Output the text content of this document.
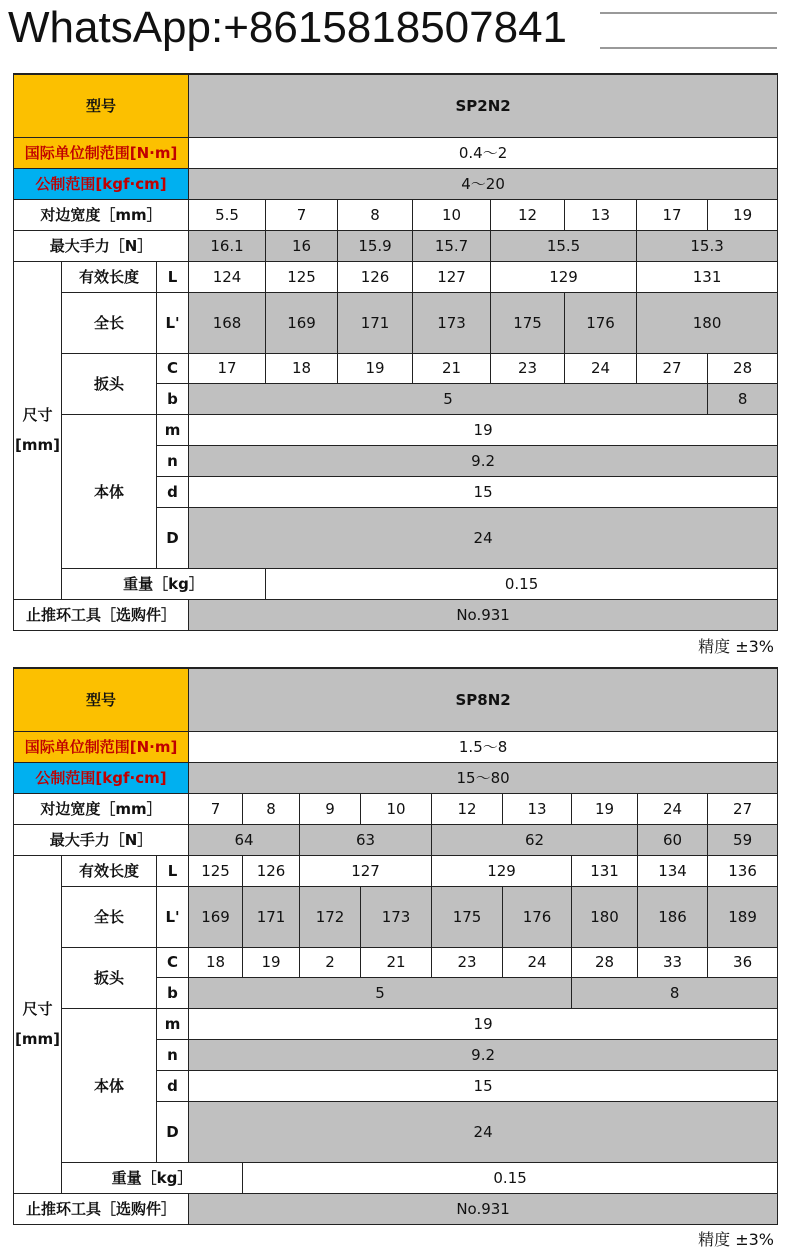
WhatsApp:+8615818507841
型号			SP2N2							
国际单位制范围[N·m]			0.4～2							
公制范围[kgf·cm]			4～20							
对边宽度［mm］			5.5	7	8	10	12	13	17	19
最大手力［N］			16.1	16	15.9	15.7	15.5		15.3	

尺寸
[mm]	有效长度	L	124	125	126	127	129		131	
	全长	L'	168	169	171	173	175	176	180	
	扳头	C	17	18	19	21	23	24	27	28
		b	5							8
	本体	m	19							
		n	9.2							
		d	15							
		D	24							
	重量［kg］			0.15						
止推环工具［选购件］			No.931							
精度 ±3%
型号			SP8N2								
国际单位制范围[N·m]			1.5～8								
公制范围[kgf·cm]			15～80								
对边宽度［mm］			7	8	9	10	12	13	19	24	27
最大手力［N］			64		63		62			60	59

尺寸
[mm]	有效长度	L	125	126	127		129		131	134	136
	全长	L'	169	171	172	173	175	176	180	186	189
	扳头	C	18	19	2	21	23	24	28	33	36
		b	5						8		
	本体	m	19								
		n	9.2								
		d	15								
		D	24								
	重量［kg］			0.15							
止推环工具［选购件］			No.931								
精度 ±3%
